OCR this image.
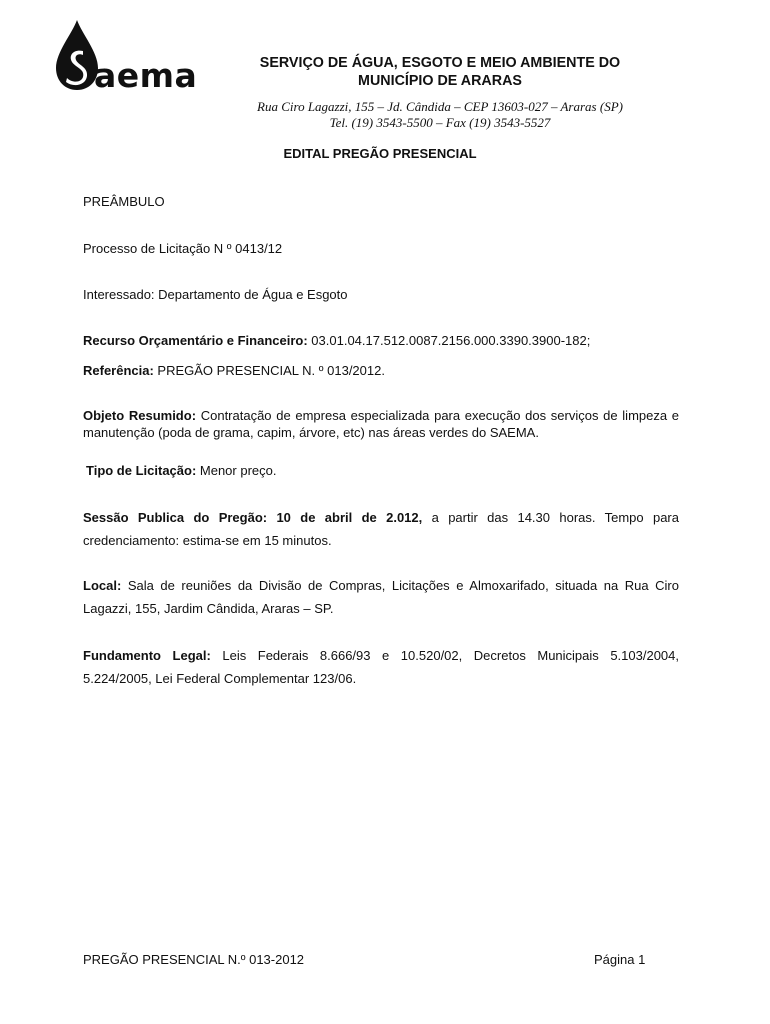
aema	SERVIÇO DE ÁGUA, ESGOTO E MEIO AMBIENTE DO
MUNICÍPIO DE ARARAS
Rua Ciro Lagazzi, 155 – Jd. Cândida – CEP 13603-027 – Araras (SP)
Tel. (19) 3543-5500 – Fax (19) 3543-5527
EDITAL PREGÃO PRESENCIAL
PREÂMBULO
Processo de Licitação N º 0413/12
Interessado: Departamento de Água e Esgoto
Recurso Orçamentário e Financeiro: 03.01.04.17.512.0087.2156.000.3390.3900-182;
Referência: PREGÃO PRESENCIAL N. º 013/2012.
Objeto Resumido: Contratação de empresa especializada para execução dos serviços de limpeza e manutenção (poda de grama, capim, árvore, etc) nas áreas verdes do SAEMA.
Tipo de Licitação: Menor preço.
Sessão Publica do Pregão: 10 de abril de 2.012, a partir das 14.30 horas. Tempo para credenciamento: estima-se em 15 minutos.
Local: Sala de reuniões da Divisão de Compras, Licitações e Almoxarifado, situada na Rua Ciro Lagazzi, 155, Jardim Cândida, Araras – SP.
Fundamento Legal: Leis Federais 8.666/93 e 10.520/02, Decretos Municipais 5.103/2004, 5.224/2005, Lei Federal Complementar 123/06.
PREGÃO PRESENCIAL N.º 013-2012	Página 1
